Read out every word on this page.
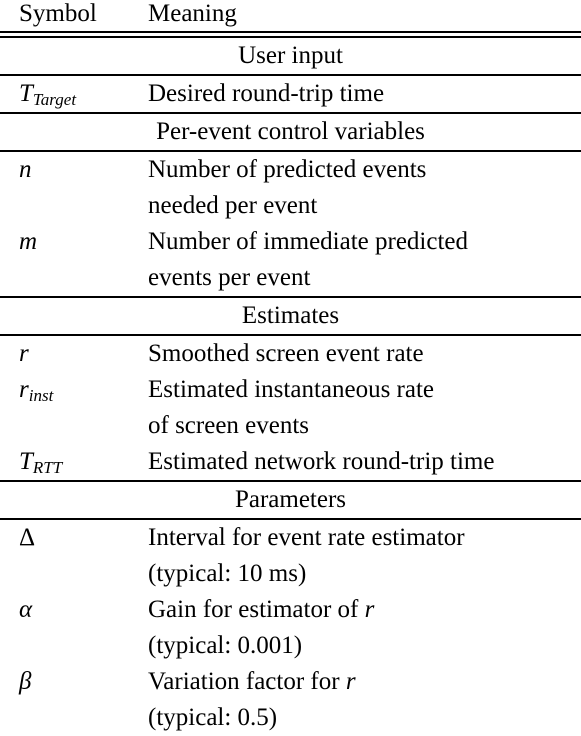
Symbol Meaning
User input
$T_{Target}$	Desired round-trip time
Per-event control variables
n	Number of predicted events
needed per event
m	Number of immediate predicted
events per event
Estimates
r	Smoothed screen event rate
$r_{inst}$	Estimated instantaneous rate
of screen events
$T_{RTT}$	Estimated network round-trip time
Parameters
Δ	Interval for event rate estimator
(typical: 10 ms)
α	Gain for estimator of r
(typical: 0.001)
β	Variation factor for r
(typical: 0.5)
